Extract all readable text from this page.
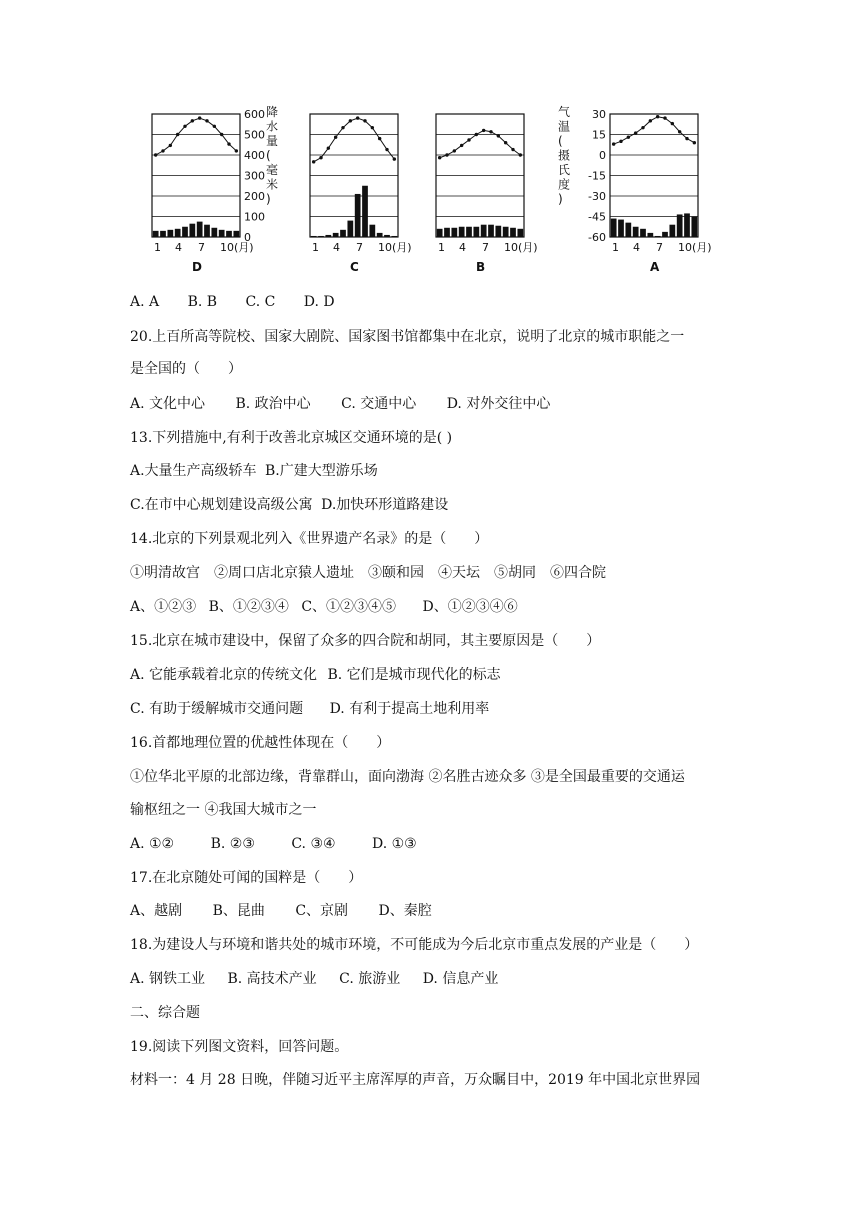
600
500
400
300
200
100
0
降
水
量
(
毫
米
)
30
15
0
-15
-30
-45
-60
气
温
(
摄
氏
度
)
1 4 7 10(月)
D
1 4 7 10(月)
C
1 4 7 10(月)
B
1 4 7 10(月)
A
A. A B. B C. C D. D
20.上百所高等院校、国家大剧院、国家图书馆都集中在北京，说明了北京的城市职能之一
是全国的（　　）
A. 文化中心 B. 政治中心 C. 交通中心 D. 对外交往中心
13.下列措施中,有利于改善北京城区交通环境的是( )
A.大量生产高级轿车 B.广建大型游乐场
C.在市中心规划建设高级公寓 D.加快环形道路建设
14.北京的下列景观北列入《世界遗产名录》的是（　　）
①明清故宫　②周口店北京猿人遗址　③颐和园　④天坛　⑤胡同　⑥四合院
A、①②③ B、①②③④ C、①②③④⑤ D、①②③④⑥
15.北京在城市建设中，保留了众多的四合院和胡同，其主要原因是（　　）
A. 它能承载着北京的传统文化 B. 它们是城市现代化的标志
C. 有助于缓解城市交通问题 D. 有利于提高土地利用率
16.首都地理位置的优越性体现在（　　）
①位华北平原的北部边缘，背靠群山，面向渤海 ②名胜古迹众多 ③是全国最重要的交通运
输枢纽之一 ④我国大城市之一
A. ①②	B. ②③	C. ③④	D. ①③
17.在北京随处可闻的国粹是（　　）
A、越剧 B、昆曲 C、京剧 D、秦腔
18.为建设人与环境和谐共处的城市环境，不可能成为今后北京市重点发展的产业是（　　）
A. 钢铁工业 B. 高技术产业 C. 旅游业 D. 信息产业
二、综合题
19.阅读下列图文资料，回答问题。
材料一：4 月 28 日晚，伴随习近平主席浑厚的声音，万众瞩目中，2019 年中国北京世界园
